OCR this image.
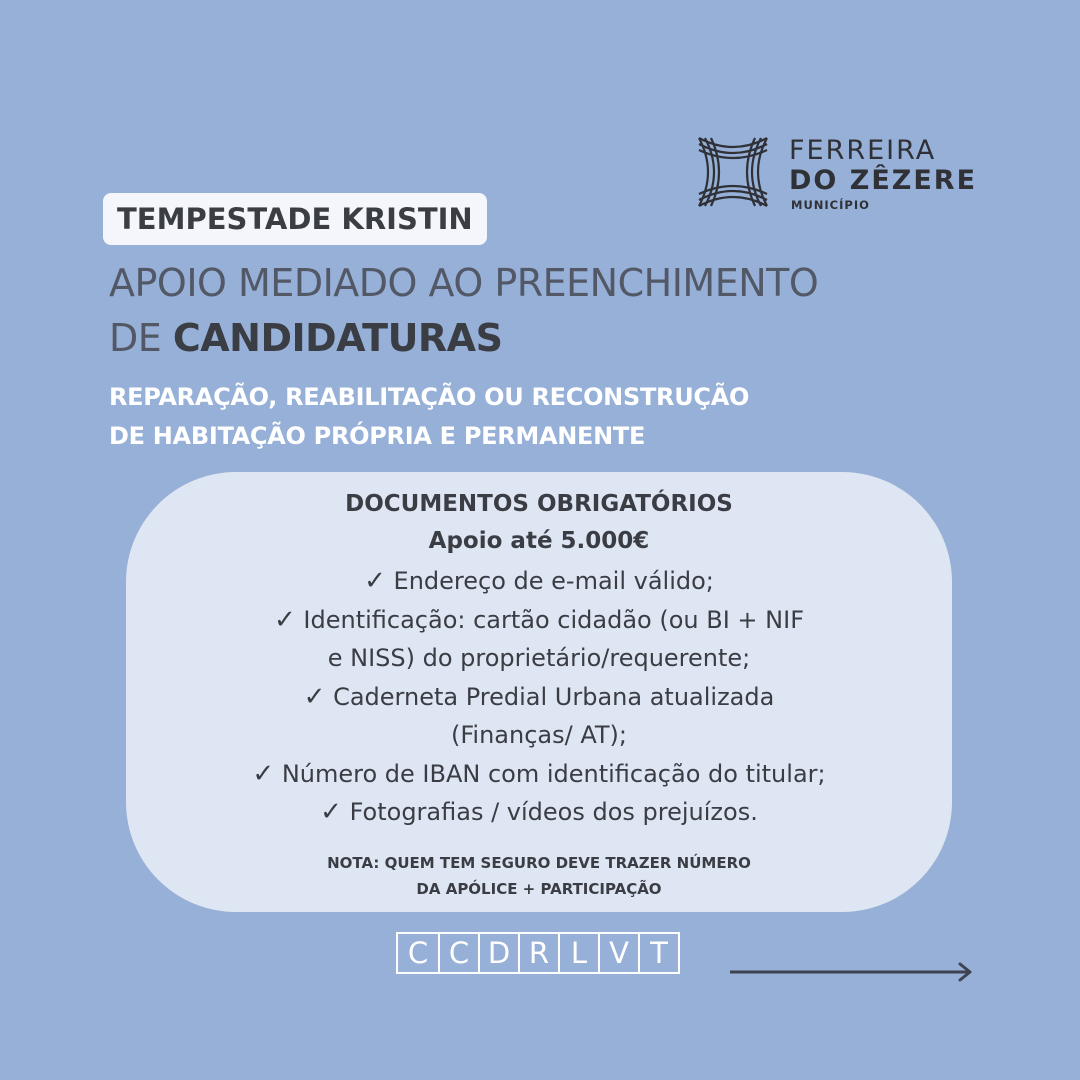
FERREIRA
DO ZÊZERE
MUNICÍPIO
TEMPESTADE KRISTIN
APOIO MEDIADO AO PREENCHIMENTO
DE CANDIDATURAS
REPARAÇÃO, REABILITAÇÃO OU RECONSTRUÇÃO
DE HABITAÇÃO PRÓPRIA E PERMANENTE
DOCUMENTOS OBRIGATÓRIOS
Apoio até 5.000€
✓ Endereço de e-mail válido;
✓ Identificação: cartão cidadão (ou BI + NIF
e NISS) do proprietário/requerente;
✓ Caderneta Predial Urbana atualizada
(Finanças/ AT);
✓ Número de IBAN com identificação do titular;
✓ Fotografias / vídeos dos prejuízos.
NOTA: QUEM TEM SEGURO DEVE TRAZER NÚMERO
DA APÓLICE + PARTICIPAÇÃO
C C D R L V T
